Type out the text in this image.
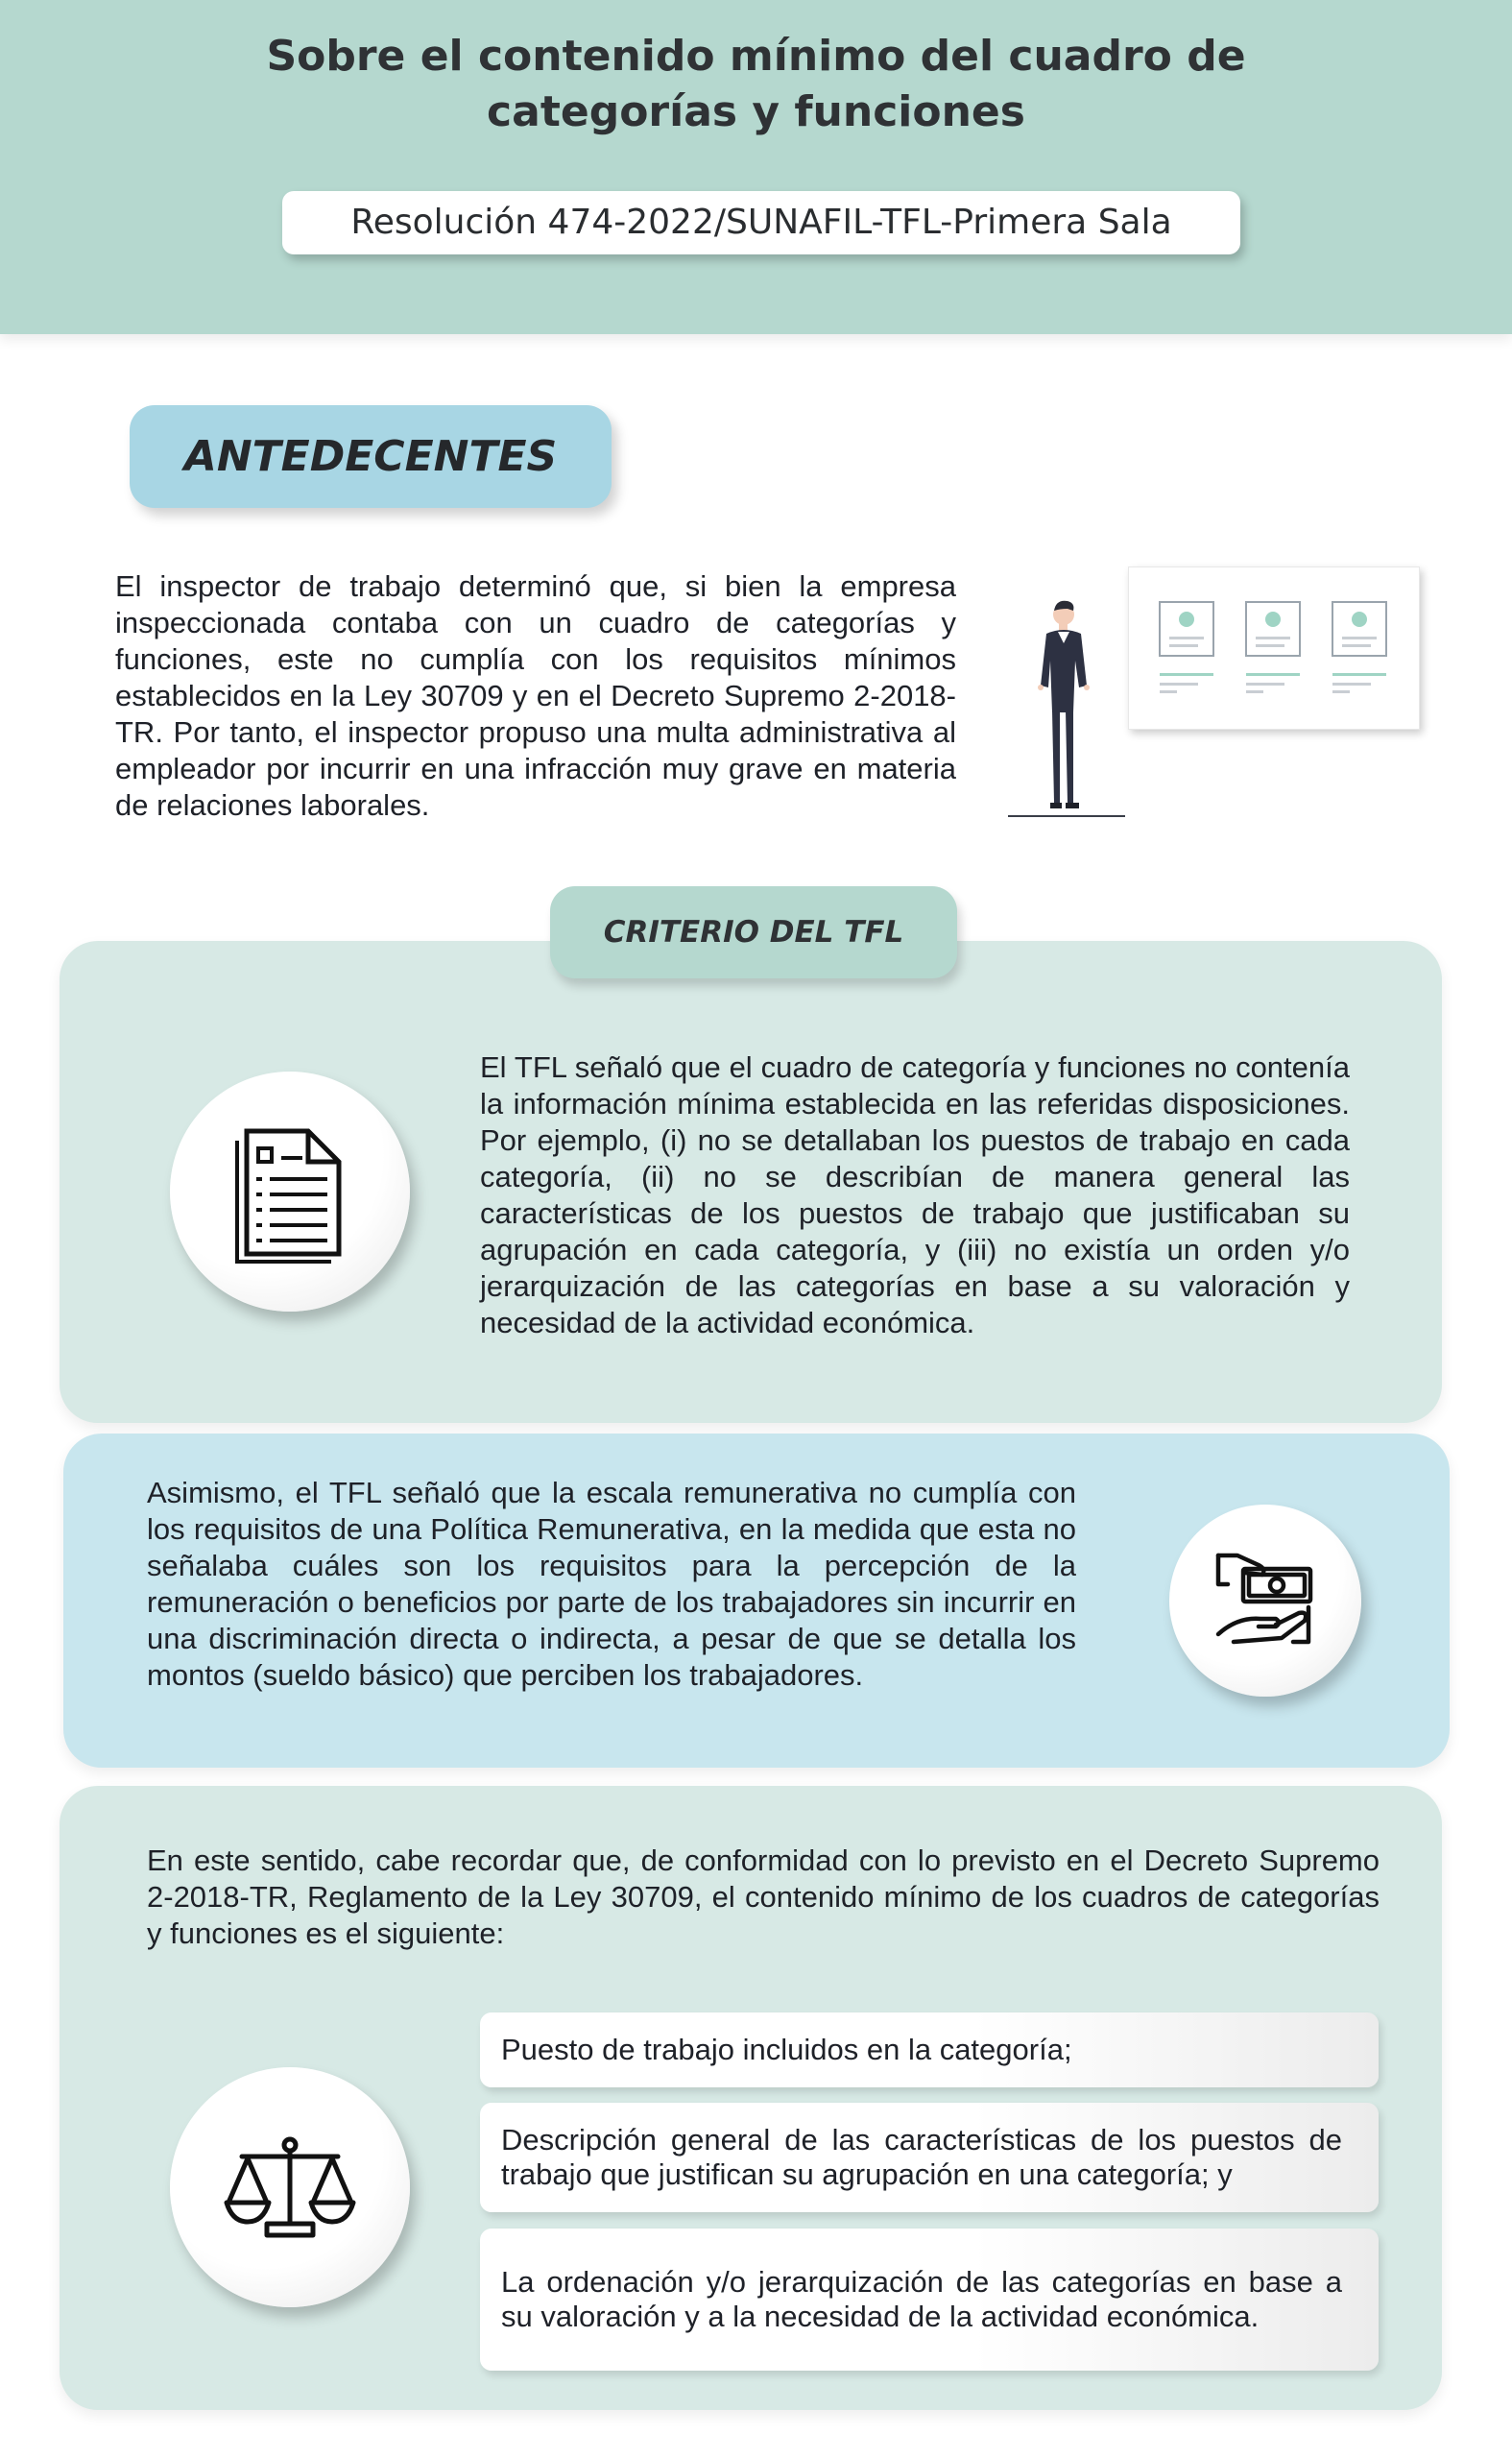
Sobre el contenido mínimo del cuadro de
categorías y funciones
Resolución 474-2022/SUNAFIL-TFL-Primera Sala
ANTEDECENTES
El inspector de trabajo determinó que, si bien la empresa inspeccionada contaba con un cuadro de categorías y funciones, este no cumplía con los requisitos mínimos establecidos en la Ley 30709 y en el Decreto Supremo 2-2018-TR. Por tanto, el inspector propuso una multa administrativa al empleador por incurrir en una infracción muy grave en materia de relaciones laborales.
CRITERIO DEL TFL
El TFL señaló que el cuadro de categoría y funciones no contenía la información mínima establecida en las referidas disposiciones. Por ejemplo, (i) no se detallaban los puestos de trabajo en cada categoría, (ii) no se describían de manera general las características de los puestos de trabajo que justificaban su agrupación en cada categoría, y (iii) no existía un orden y/o jerarquización de las categorías en base a su valoración y necesidad de la actividad económica.
Asimismo, el TFL señaló que la escala remunerativa no cumplía con los requisitos de una Política Remunerativa, en la medida que esta no señalaba cuáles son los requisitos para la percepción de la remuneración o beneficios por parte de los trabajadores sin incurrir en una discriminación directa o indirecta, a pesar de que se detalla los montos (sueldo básico) que perciben los trabajadores.
En este sentido, cabe recordar que, de conformidad con lo previsto en el Decreto Supremo 2-2018-TR, Reglamento de la Ley 30709, el contenido mínimo de los cuadros de categorías y funciones es el siguiente:
Puesto de trabajo incluidos en la categoría;
Descripción general de las características de los puestos de trabajo que justifican su agrupación en una categoría; y
La ordenación y/o jerarquización de las categorías en base a su valoración y a la necesidad de la actividad económica.
